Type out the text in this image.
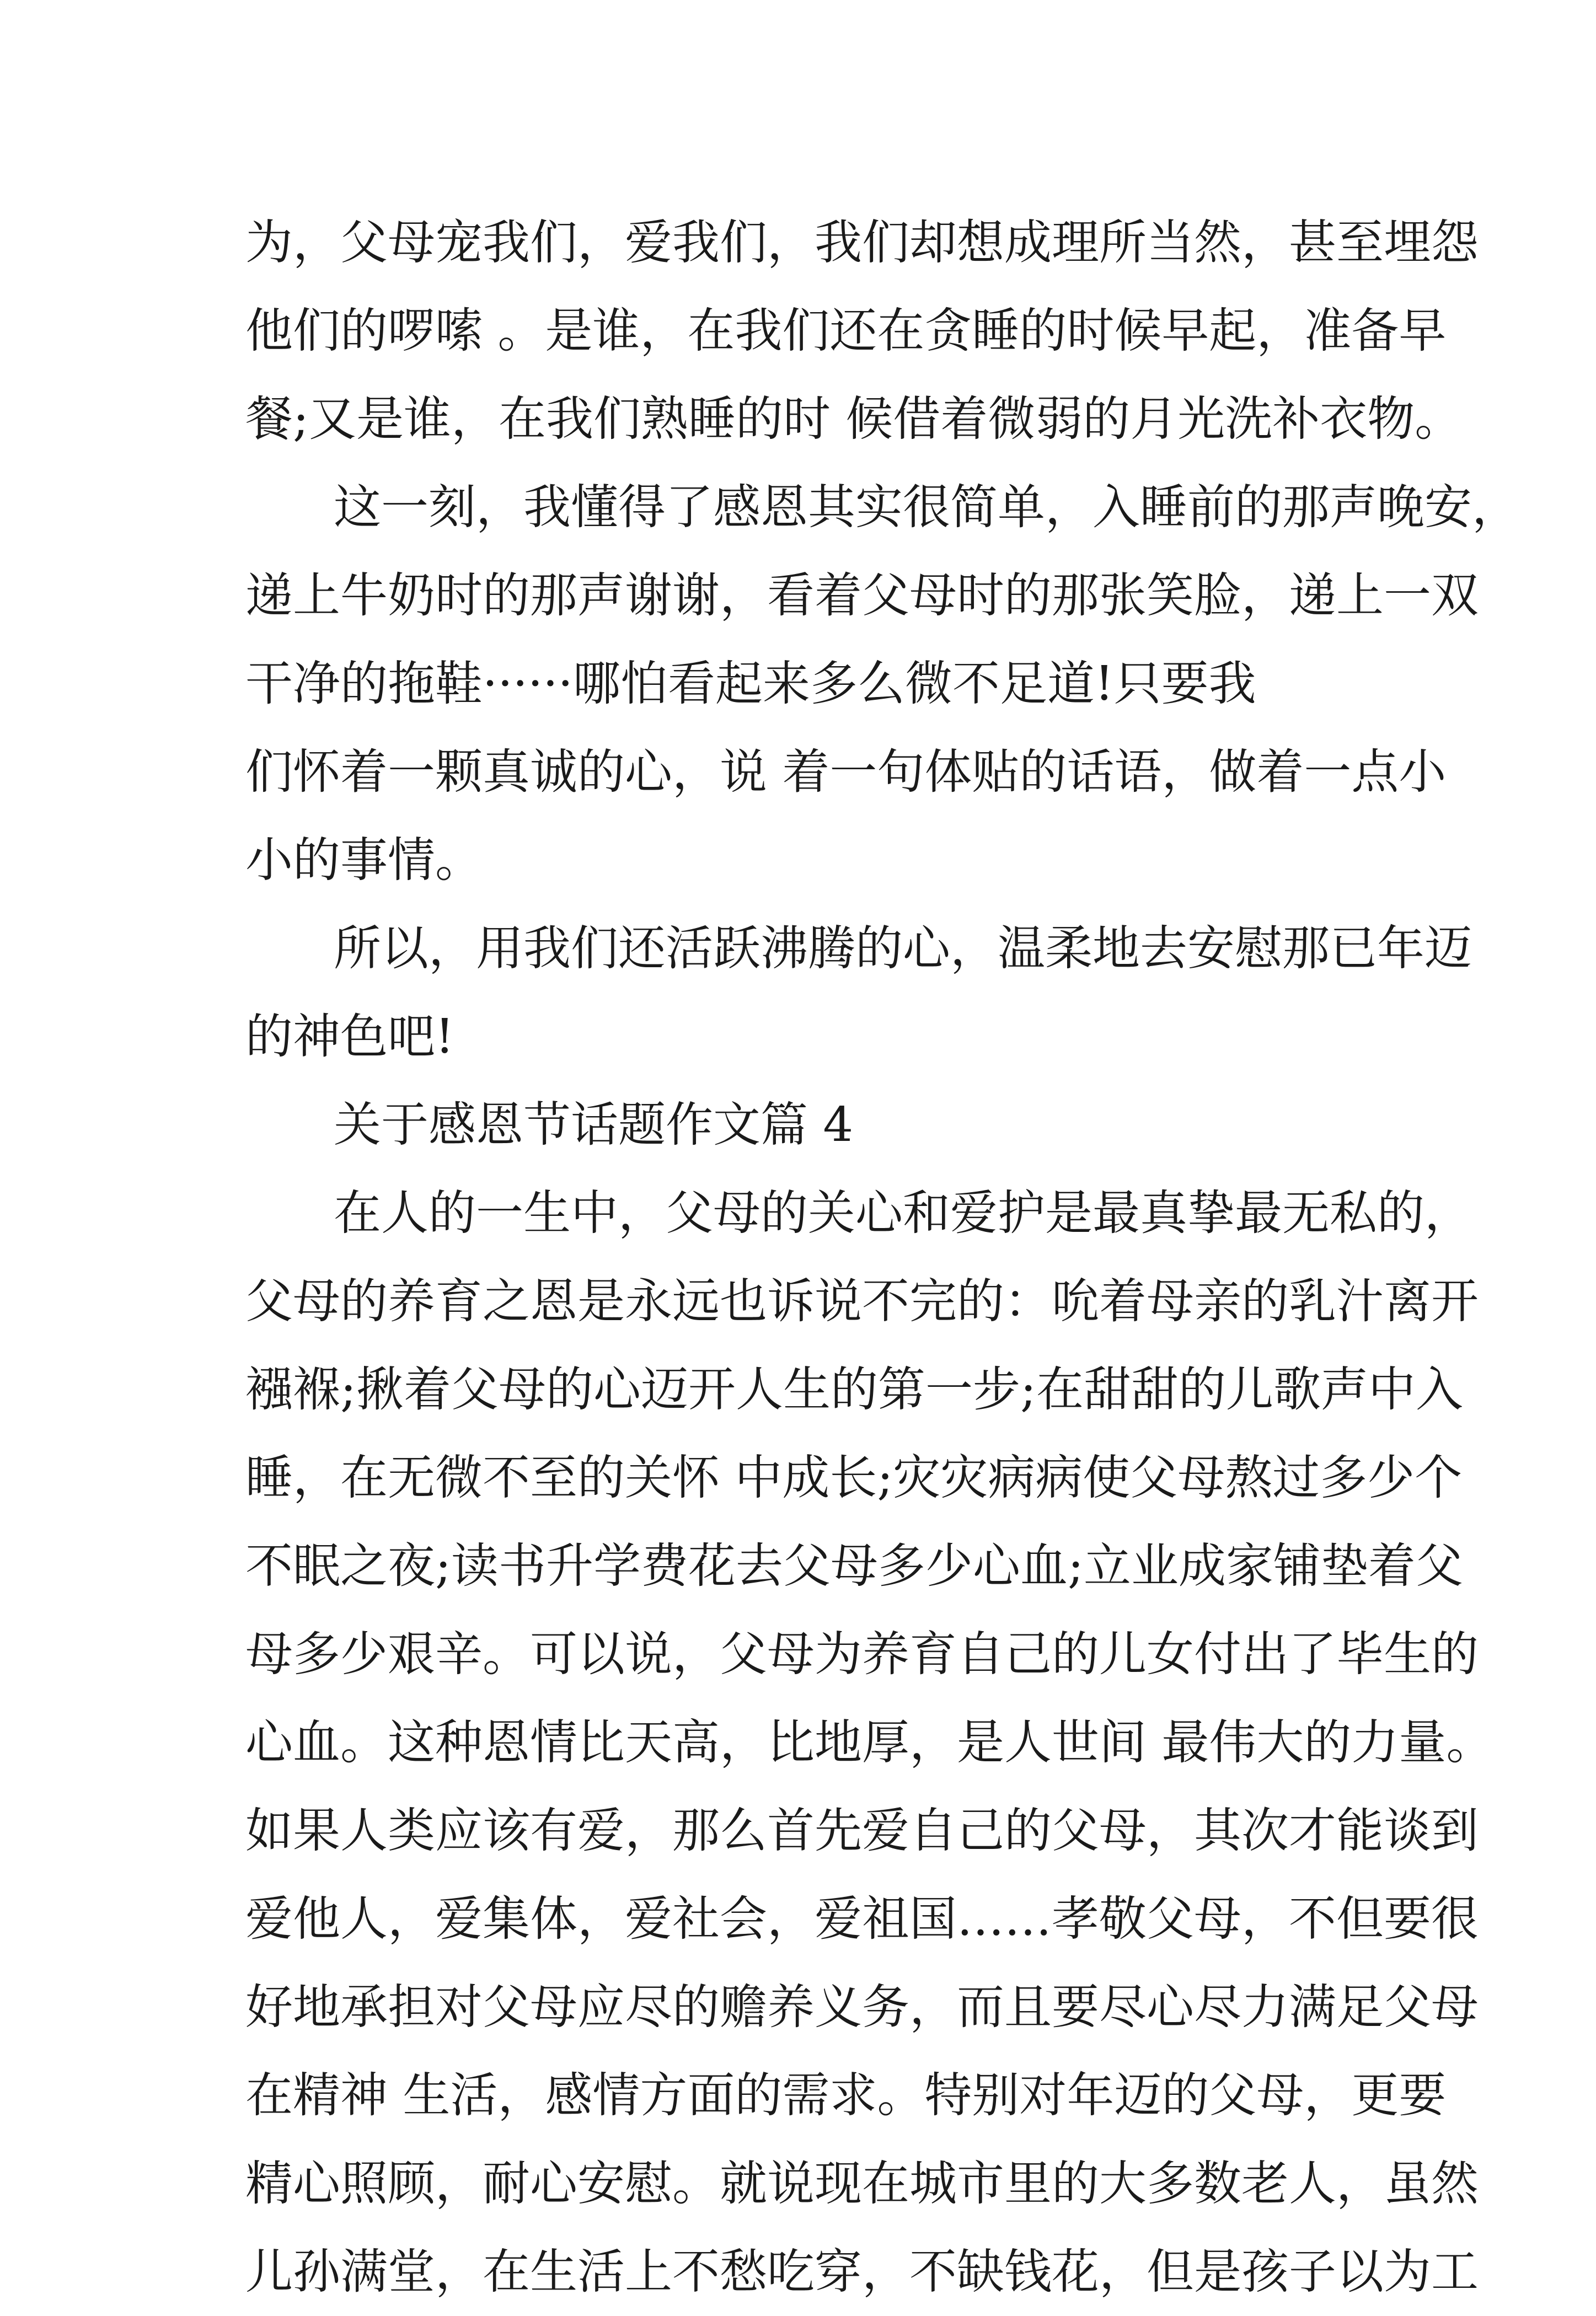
为，父母宠我们，爱我们，我们却想成理所当然，甚至埋怨
他们的啰嗦 。是谁，在我们还在贪睡的时候早起，准备早
餐;又是谁，在我们熟睡的时 候借着微弱的月光洗补衣物。
这一刻，我懂得了感恩其实很简单，入睡前的那声晚安，
递上牛奶时的那声谢谢，看着父母时的那张笑脸，递上一双
干净的拖鞋······哪怕看起来多么微不足道!只要我
们怀着一颗真诚的心，说 着一句体贴的话语，做着一点小
小的事情。
所以，用我们还活跃沸腾的心，温柔地去安慰那已年迈
的神色吧!
关于感恩节话题作文篇 4
在人的一生中，父母的关心和爱护是最真挚最无私的，
父母的养育之恩是永远也诉说不完的：吮着母亲的乳汁离开
襁褓;揪着父母的心迈开人生的第一步;在甜甜的儿歌声中入
睡，在无微不至的关怀 中成长;灾灾病病使父母熬过多少个
不眠之夜;读书升学费花去父母多少心血;立业成家铺垫着父
母多少艰辛。可以说，父母为养育自己的儿女付出了毕生的
心血。这种恩情比天高，比地厚，是人世间 最伟大的力量。
如果人类应该有爱，那么首先爱自己的父母，其次才能谈到
爱他人，爱集体，爱社会，爱祖国……孝敬父母，不但要很
好地承担对父母应尽的赡养义务，而且要尽心尽力满足父母
在精神 生活，感情方面的需求。特别对年迈的父母，更要
精心照顾，耐心安慰。就说现在城市里的大多数老人，虽然
儿孙满堂，在生活上不愁吃穿，不缺钱花，但是孩子以为工
